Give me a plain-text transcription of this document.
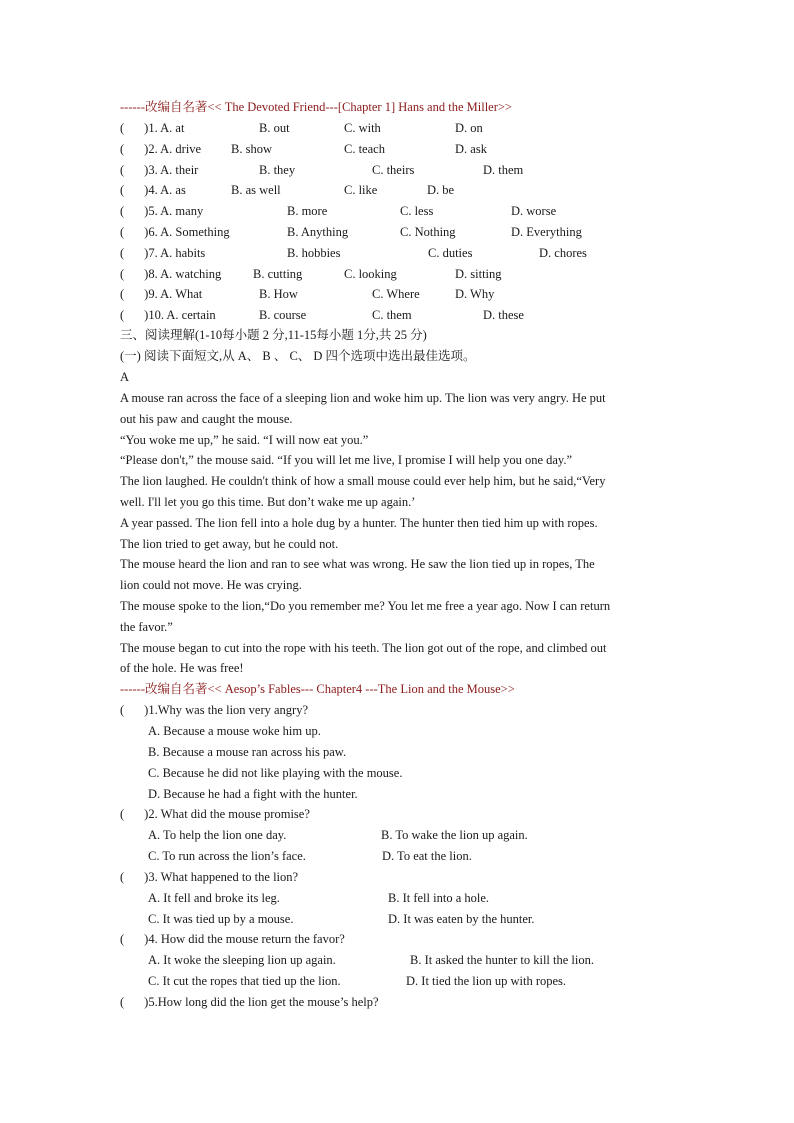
------改编自名著<< The Devoted Friend---[Chapter 1] Hans and the Miller>>
( )1. A. at	B. out	C. with	D. on
( )2. A. drive B. show	C. teach	D. ask
( )3. A. their	B. they	C. theirs	D. them
( )4. A. as	B. as well	C. like	D. be
( )5. A. many	B. more	C. less	D. worse
( )6. A. Something	B. Anything	C. Nothing	D. Everything
( )7. A. habits	B. hobbies	C. duties	D. chores
( )8. A. watching	B. cutting	C. looking	D. sitting
( )9. A. What	B. How	C. Where	D. Why
( )10. A. certain	B. course	C. them	D. these
三、阅读理解(1-10每小题 2 分,11-15每小题 1分,共 25 分)
(一) 阅读下面短文,从 A、 B 、 C、 D 四个选项中选出最佳选项。
A
A mouse ran across the face of a sleeping lion and woke him up. The lion was very angry. He put
out his paw and caught the mouse.
“You woke me up,” he said. “I will now eat you.”
“Please don't,” the mouse said. “If you will let me live, I promise I will help you one day.”
The lion laughed. He couldn't think of how a small mouse could ever help him, but he said,“Very
well. I'll let you go this time. But don’t wake me up again.’
A year passed. The lion fell into a hole dug by a hunter. The hunter then tied him up with ropes.
The lion tried to get away, but he could not.
The mouse heard the lion and ran to see what was wrong. He saw the lion tied up in ropes, The
lion could not move. He was crying.
The mouse spoke to the lion,“Do you remember me? You let me free a year ago. Now I can return
the favor.”
The mouse began to cut into the rope with his teeth. The lion got out of the rope, and climbed out
of the hole. He was free!
------改编自名著<< Aesop’s Fables--- Chapter4 ---The Lion and the Mouse>>
( )1.Why was the lion very angry?
A. Because a mouse woke him up.
B. Because a mouse ran across his paw.
C. Because he did not like playing with the mouse.
D. Because he had a fight with the hunter.
( )2. What did the mouse promise?
A. To help the lion one day.	B. To wake the lion up again.
C. To run across the lion’s face.	D. To eat the lion.
( )3. What happened to the lion?
A. It fell and broke its leg.	B. It fell into a hole.
C. It was tied up by a mouse.	D. It was eaten by the hunter.
( )4. How did the mouse return the favor?
A. It woke the sleeping lion up again.	B. It asked the hunter to kill the lion.
C. It cut the ropes that tied up the lion.	D. It tied the lion up with ropes.
( )5.How long did the lion get the mouse’s help?
